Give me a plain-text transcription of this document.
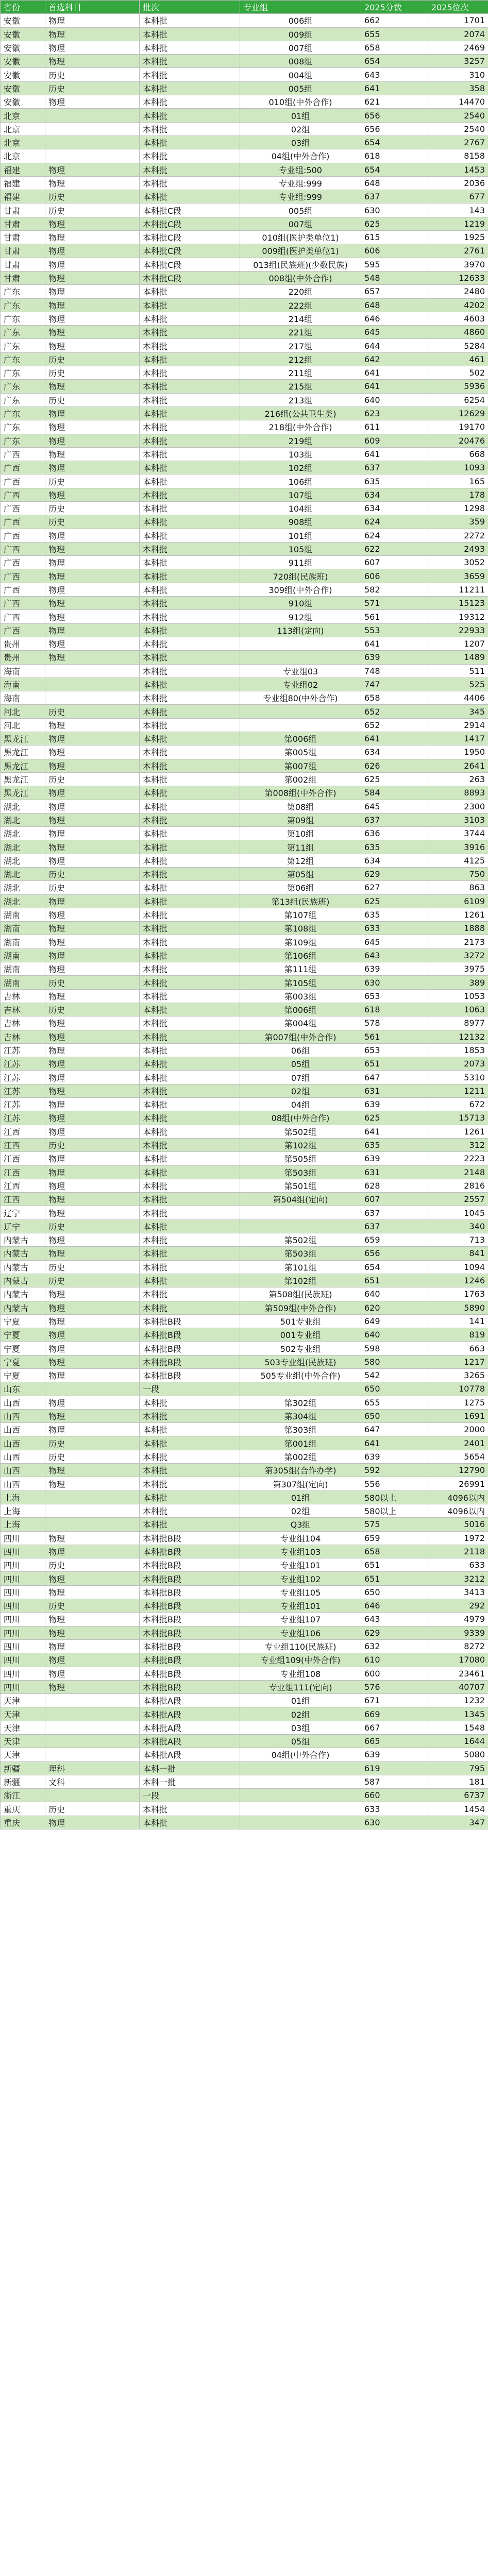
省份	首选科目	批次	专业组	2025分数	2025位次
安徽	物理	本科批	006组	662	1701
安徽	物理	本科批	009组	655	2074
安徽	物理	本科批	007组	658	2469
安徽	物理	本科批	008组	654	3257
安徽	历史	本科批	004组	643	310
安徽	历史	本科批	005组	641	358
安徽	物理	本科批	010组(中外合作)	621	14470
北京		本科批	01组	656	2540
北京		本科批	02组	656	2540
北京		本科批	03组	654	2767
北京		本科批	04组(中外合作)	618	8158
福建	物理	本科批	专业组:500	654	1453
福建	物理	本科批	专业组:999	648	2036
福建	历史	本科批	专业组:999	637	677
甘肃	历史	本科批C段	005组	630	143
甘肃	物理	本科批C段	007组	625	1219
甘肃	物理	本科批C段	010组(医护类单位1)	615	1925
甘肃	物理	本科批C段	009组(医护类单位1)	606	2761
甘肃	物理	本科批C段	013组(民族班)(少数民族)	595	3970
甘肃	物理	本科批C段	008组(中外合作)	548	12633
广东	物理	本科批	220组	657	2480
广东	物理	本科批	222组	648	4202
广东	物理	本科批	214组	646	4603
广东	物理	本科批	221组	645	4860
广东	物理	本科批	217组	644	5284
广东	历史	本科批	212组	642	461
广东	历史	本科批	211组	641	502
广东	物理	本科批	215组	641	5936
广东	历史	本科批	213组	640	6254
广东	物理	本科批	216组(公共卫生类)	623	12629
广东	物理	本科批	218组(中外合作)	611	19170
广东	物理	本科批	219组	609	20476
广西	物理	本科批	103组	641	668
广西	物理	本科批	102组	637	1093
广西	历史	本科批	106组	635	165
广西	物理	本科批	107组	634	178
广西	历史	本科批	104组	634	1298
广西	历史	本科批	908组	624	359
广西	物理	本科批	101组	624	2272
广西	物理	本科批	105组	622	2493
广西	物理	本科批	911组	607	3052
广西	物理	本科批	720组(民族班)	606	3659
广西	物理	本科批	309组(中外合作)	582	11211
广西	物理	本科批	910组	571	15123
广西	物理	本科批	912组	561	19312
广西	物理	本科批	113组(定向)	553	22933
贵州	物理	本科批		641	1207
贵州	物理	本科批		639	1489
海南		本科批	专业组03	748	511
海南		本科批	专业组02	747	525
海南		本科批	专业组80(中外合作)	658	4406
河北	历史	本科批		652	345
河北	物理	本科批		652	2914
黑龙江	物理	本科批	第006组	641	1417
黑龙江	物理	本科批	第005组	634	1950
黑龙江	物理	本科批	第007组	626	2641
黑龙江	历史	本科批	第002组	625	263
黑龙江	物理	本科批	第008组(中外合作)	584	8893
湖北	物理	本科批	第08组	645	2300
湖北	物理	本科批	第09组	637	3103
湖北	物理	本科批	第10组	636	3744
湖北	物理	本科批	第11组	635	3916
湖北	物理	本科批	第12组	634	4125
湖北	历史	本科批	第05组	629	750
湖北	历史	本科批	第06组	627	863
湖北	物理	本科批	第13组(民族班)	625	6109
湖南	物理	本科批	第107组	635	1261
湖南	物理	本科批	第108组	633	1888
湖南	物理	本科批	第109组	645	2173
湖南	物理	本科批	第106组	643	3272
湖南	物理	本科批	第111组	639	3975
湖南	历史	本科批	第105组	630	389
吉林	物理	本科批	第003组	653	1053
吉林	历史	本科批	第006组	618	1063
吉林	物理	本科批	第004组	578	8977
吉林	物理	本科批	第007组(中外合作)	561	12132
江苏	物理	本科批	06组	653	1853
江苏	物理	本科批	05组	651	2073
江苏	物理	本科批	07组	647	5310
江苏	物理	本科批	02组	631	1211
江苏	物理	本科批	04组	639	672
江苏	物理	本科批	08组(中外合作)	625	15713
江西	物理	本科批	第502组	641	1261
江西	历史	本科批	第102组	635	312
江西	物理	本科批	第505组	639	2223
江西	物理	本科批	第503组	631	2148
江西	物理	本科批	第501组	628	2816
江西	物理	本科批	第504组(定向)	607	2557
辽宁	物理	本科批		637	1045
辽宁	历史	本科批		637	340
内蒙古	物理	本科批	第502组	659	713
内蒙古	物理	本科批	第503组	656	841
内蒙古	历史	本科批	第101组	654	1094
内蒙古	历史	本科批	第102组	651	1246
内蒙古	物理	本科批	第508组(民族班)	640	1763
内蒙古	物理	本科批	第509组(中外合作)	620	5890
宁夏	物理	本科批B段	501专业组	649	141
宁夏	物理	本科批B段	001专业组	640	819
宁夏	物理	本科批B段	502专业组	598	663
宁夏	物理	本科批B段	503专业组(民族班)	580	1217
宁夏	物理	本科批B段	505专业组(中外合作)	542	3265
山东		一段		650	10778
山西	物理	本科批	第302组	655	1275
山西	物理	本科批	第304组	650	1691
山西	物理	本科批	第303组	647	2000
山西	历史	本科批	第001组	641	2401
山西	历史	本科批	第002组	639	5654
山西	物理	本科批	第305组(合作办学)	592	12790
山西	物理	本科批	第307组(定向)	556	26991
上海		本科批	01组	580以上	4096以内
上海		本科批	02组	580以上	4096以内
上海		本科批	Q3组	575	5016
四川	物理	本科批B段	专业组104	659	1972
四川	物理	本科批B段	专业组103	658	2118
四川	历史	本科批B段	专业组101	651	633
四川	物理	本科批B段	专业组102	651	3212
四川	物理	本科批B段	专业组105	650	3413
四川	历史	本科批B段	专业组101	646	292
四川	物理	本科批B段	专业组107	643	4979
四川	物理	本科批B段	专业组106	629	9339
四川	物理	本科批B段	专业组110(民族班)	632	8272
四川	物理	本科批B段	专业组109(中外合作)	610	17080
四川	物理	本科批B段	专业组108	600	23461
四川	物理	本科批B段	专业组111(定向)	576	40707
天津		本科批A段	01组	671	1232
天津		本科批A段	02组	669	1345
天津		本科批A段	03组	667	1548
天津		本科批A段	05组	665	1644
天津		本科批A段	04组(中外合作)	639	5080
新疆	理科	本科一批		619	795
新疆	文科	本科一批		587	181
浙江		一段		660	6737
重庆	历史	本科批		633	1454
重庆	物理	本科批		630	347
